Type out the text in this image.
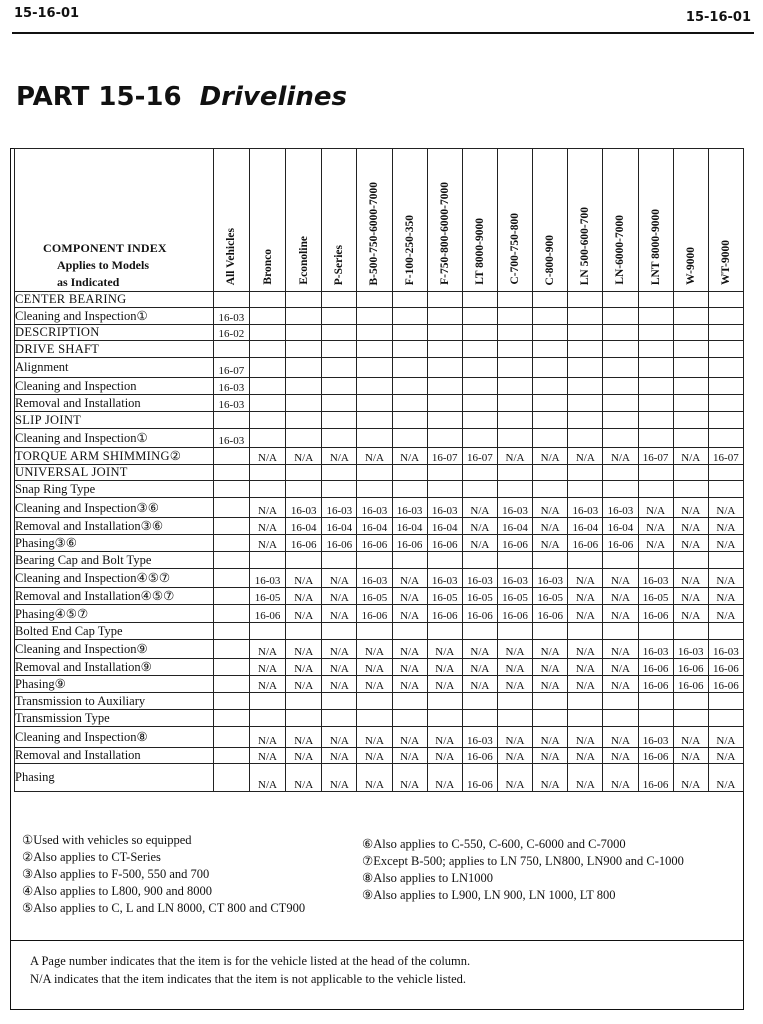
15-16-01	15-16-01
PART 15-16 Drivelines
COMPONENT INDEX
Applies to Models
as Indicated	All Vehicles	Bronco	Econoline	P-Series	B-500-750-6000-7000	F-100-250-350	F-750-800-6000-7000	LT 8000-9000	C-700-750-800	C-800-900	LN 500-600-700	LN-6000-7000	LNT 8000-9000	W-9000	WT-9000

CENTER BEARING															
Cleaning and Inspection①	16-03														
DESCRIPTION	16-02														
DRIVE SHAFT															
Alignment	16-07														
Cleaning and Inspection	16-03														
Removal and Installation	16-03														
SLIP JOINT															
Cleaning and Inspection①	16-03														
TORQUE ARM SHIMMING②		N/A	N/A	N/A	N/A	N/A	16-07	16-07	N/A	N/A	N/A	N/A	16-07	N/A	16-07
UNIVERSAL JOINT															
Snap Ring Type															
Cleaning and Inspection③⑥		N/A	16-03	16-03	16-03	16-03	16-03	N/A	16-03	N/A	16-03	16-03	N/A	N/A	N/A
Removal and Installation③⑥		N/A	16-04	16-04	16-04	16-04	16-04	N/A	16-04	N/A	16-04	16-04	N/A	N/A	N/A
Phasing③⑥		N/A	16-06	16-06	16-06	16-06	16-06	N/A	16-06	N/A	16-06	16-06	N/A	N/A	N/A
Bearing Cap and Bolt Type															
Cleaning and Inspection④⑤⑦		16-03	N/A	N/A	16-03	N/A	16-03	16-03	16-03	16-03	N/A	N/A	16-03	N/A	N/A
Removal and Installation④⑤⑦		16-05	N/A	N/A	16-05	N/A	16-05	16-05	16-05	16-05	N/A	N/A	16-05	N/A	N/A
Phasing④⑤⑦		16-06	N/A	N/A	16-06	N/A	16-06	16-06	16-06	16-06	N/A	N/A	16-06	N/A	N/A
Bolted End Cap Type															
Cleaning and Inspection⑨		N/A	N/A	N/A	N/A	N/A	N/A	N/A	N/A	N/A	N/A	N/A	16-03	16-03	16-03
Removal and Installation⑨		N/A	N/A	N/A	N/A	N/A	N/A	N/A	N/A	N/A	N/A	N/A	16-06	16-06	16-06
Phasing⑨		N/A	N/A	N/A	N/A	N/A	N/A	N/A	N/A	N/A	N/A	N/A	16-06	16-06	16-06
Transmission to Auxiliary															
Transmission Type															
Cleaning and Inspection⑧		N/A	N/A	N/A	N/A	N/A	N/A	16-03	N/A	N/A	N/A	N/A	16-03	N/A	N/A
Removal and Installation		N/A	N/A	N/A	N/A	N/A	N/A	16-06	N/A	N/A	N/A	N/A	16-06	N/A	N/A
Phasing		N/A	N/A	N/A	N/A	N/A	N/A	16-06	N/A	N/A	N/A	N/A	16-06	N/A	N/A
①Used with vehicles so equipped
②Also applies to CT-Series
③Also applies to F-500, 550 and 700
④Also applies to L800, 900 and 8000
⑤Also applies to C, L and LN 8000, CT 800 and CT900
⑥Also applies to C-550, C-600, C-6000 and C-7000
⑦Except B-500; applies to LN 750, LN800, LN900 and C-1000
⑧Also applies to LN1000
⑨Also applies to L900, LN 900, LN 1000, LT 800
A Page number indicates that the item is for the vehicle listed at the head of the column.
N/A indicates that the item indicates that the item is not applicable to the vehicle listed.
